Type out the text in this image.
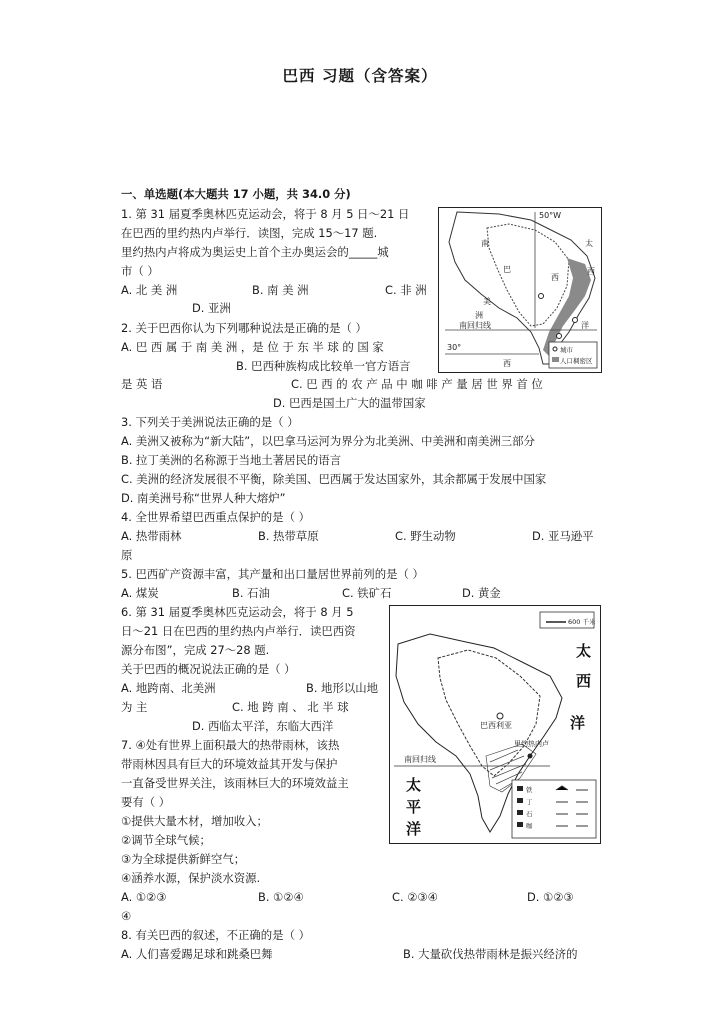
巴西 习题（含答案）
一、单选题(本大题共 17 小题，共 34.0 分)
1. 第 31 届夏季奥林匹克运动会，将于 8 月 5 日～21 日
在巴西的里约热内卢举行．读图，完成 15～17 题.
里约热内卢将成为奥运史上首个主办奥运会的_____城
市（ ）
A. 北 美 洲	B. 南 美 洲	C. 非 洲
D. 亚洲
2. 关于巴西你认为下列哪种说法是正确的是（ ）
A. 巴 西 属 于 南 美 洲 ，是 位 于 东 半 球 的 国 家
B. 巴西种族构成比较单一官方语言
是 英 语	C. 巴 西 的 农 产 品 中 咖 啡 产 量 居 世 界 首 位
D. 巴西是国土广大的温带国家
3. 下列关于美洲说法正确的是（ ）
A. 美洲又被称为“新大陆”，以巴拿马运河为界分为北美洲、中美洲和南美洲三部分
B. 拉丁美洲的名称源于当地土著居民的语言
C. 美洲的经济发展很不平衡，除美国、巴西属于发达国家外，其余都属于发展中国家
D. 南美洲号称“世界人种大熔炉”
4. 全世界希望巴西重点保护的是（ ）
A. 热带雨林	B. 热带草原	C. 野生动物	D. 亚马逊平
原
5. 巴西矿产资源丰富，其产量和出口量居世界前列的是（ ）
A. 煤炭	B. 石油	C. 铁矿石	D. 黄金
6. 第 31 届夏季奥林匹克运动会，将于 8 月 5
日～21 日在巴西的里约热内卢举行．读巴西资
源分布图”，完成 27～28 题.
关于巴西的概况说法正确的是（ ）
A. 地跨南、北美洲	B. 地形以山地
为 主	C. 地 跨 南 、 北 半 球
D. 西临太平洋，东临大西洋
7. ④处有世界上面积最大的热带雨林，该热
带雨林因具有巨大的环境效益其开发与保护
一直备受世界关注，该雨林巨大的环境效益主
要有（ ）
①提供大量木材，增加收入；
②调节全球气候；
③为全球提供新鲜空气；
④涵养水源，保护淡水资源.
A. ①②③	B. ①②④	C. ②③④	D. ①②③
④
8. 有关巴西的叙述，不正确的是（ ）
A. 人们喜爱踢足球和跳桑巴舞	B. 大量砍伐热带雨林是振兴经济的
50°W
南
巴
西
美
洲
太
西
洋
南回归线
30°
西
城市
人口稠密区
600 千米
太
西
洋
巴西利亚
里约热内卢
南回归线
太
平
洋
铁
丁
石
咖
